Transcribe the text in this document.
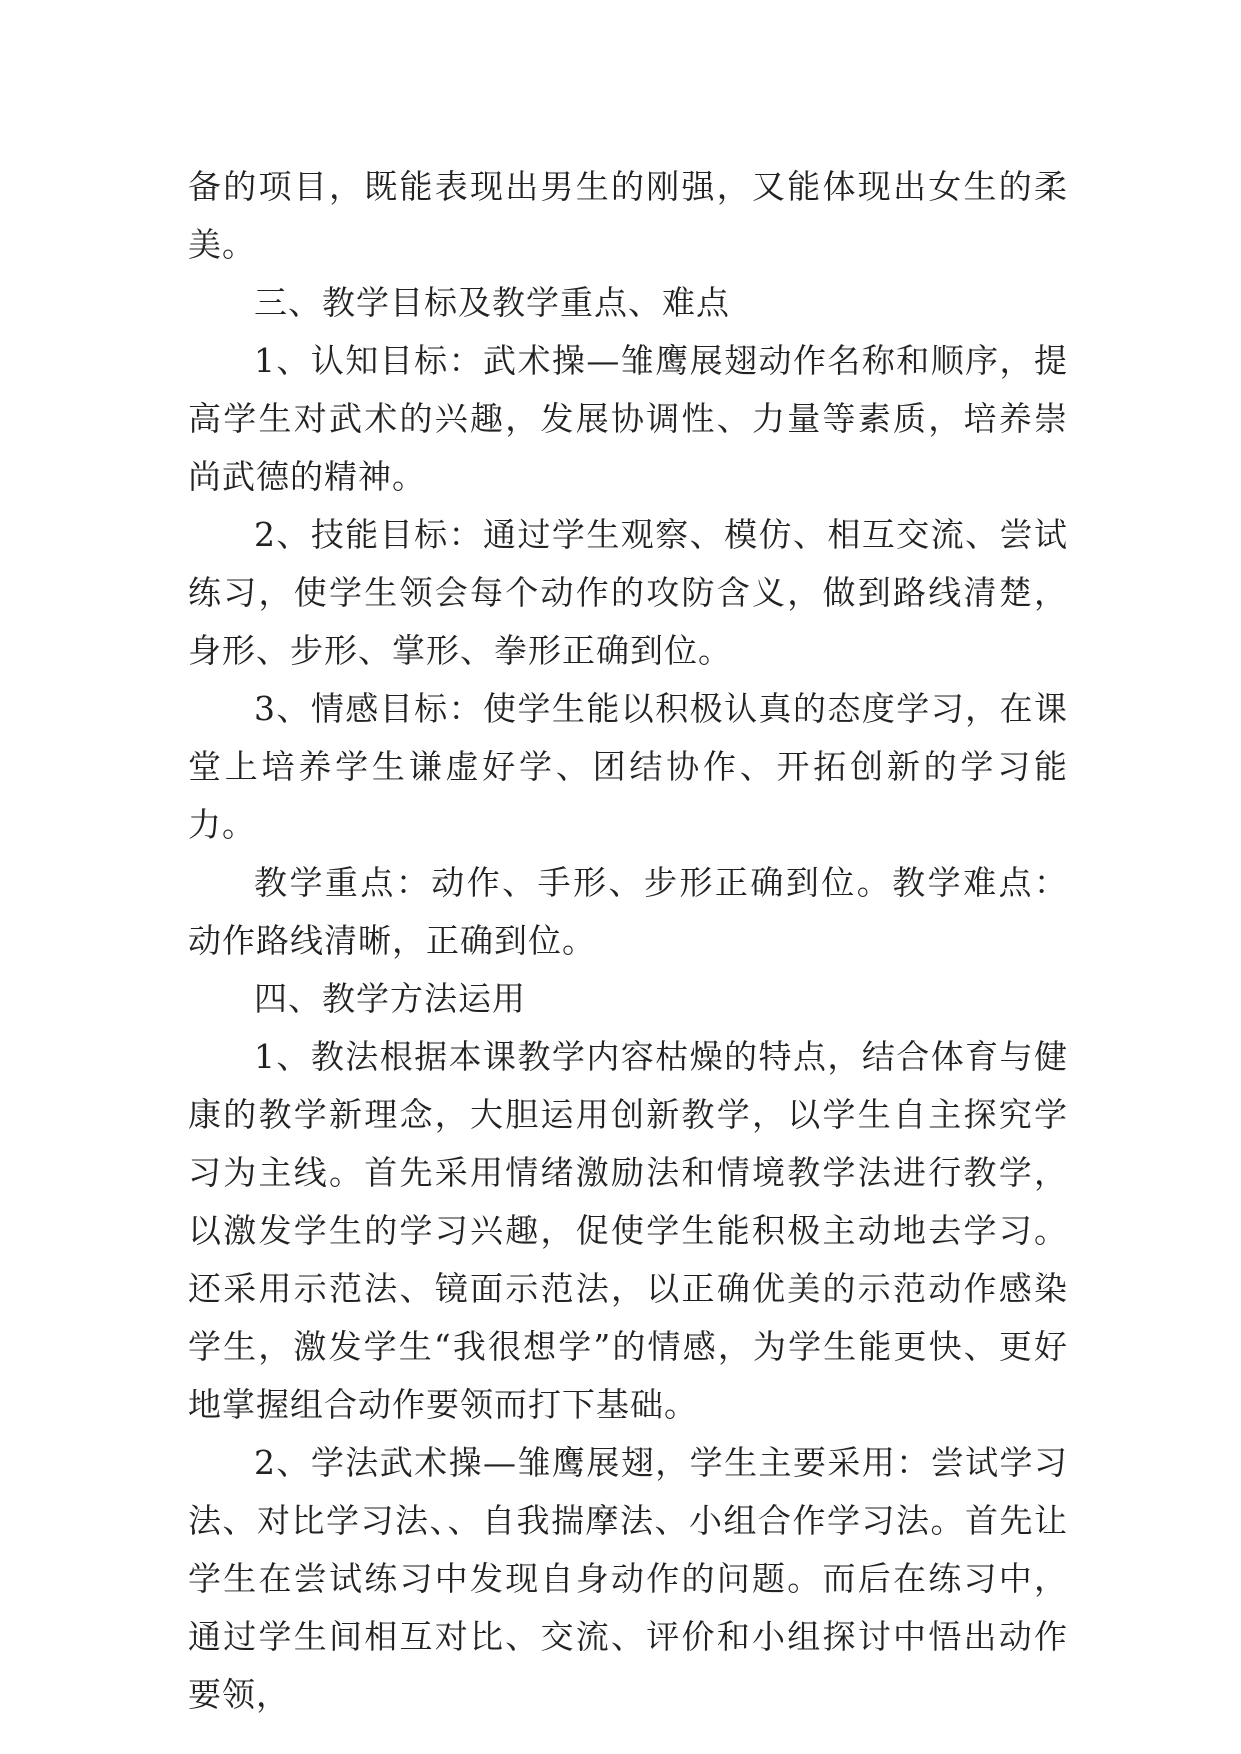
备的项目，既能表现出男生的刚强，又能体现出女生的柔美。

三、教学目标及教学重点、难点

1、认知目标：武术操—雏鹰展翅动作名称和顺序，提高学生对武术的兴趣，发展协调性、力量等素质，培养崇尚武德的精神。

2、技能目标：通过学生观察、模仿、相互交流、尝试练习，使学生领会每个动作的攻防含义，做到路线清楚，身形、步形、掌形、拳形正确到位。

3、情感目标：使学生能以积极认真的态度学习，在课堂上培养学生谦虚好学、团结协作、开拓创新的学习能力。

教学重点：动作、手形、步形正确到位。教学难点：动作路线清晰，正确到位。

四、教学方法运用

1、教法根据本课教学内容枯燥的特点，结合体育与健康的教学新理念，大胆运用创新教学，以学生自主探究学习为主线。首先采用情绪激励法和情境教学法进行教学，以激发学生的学习兴趣，促使学生能积极主动地去学习。还采用示范法、镜面示范法，以正确优美的示范动作感染学生，激发学生“我很想学”的情感，为学生能更快、更好地掌握组合动作要领而打下基础。

2、学法武术操—雏鹰展翅，学生主要采用：尝试学习法、对比学习法、、自我揣摩法、小组合作学习法。首先让学生在尝试练习中发现自身动作的问题。而后在练习中，通过学生间相互对比、交流、评价和小组探讨中悟出动作要领，
